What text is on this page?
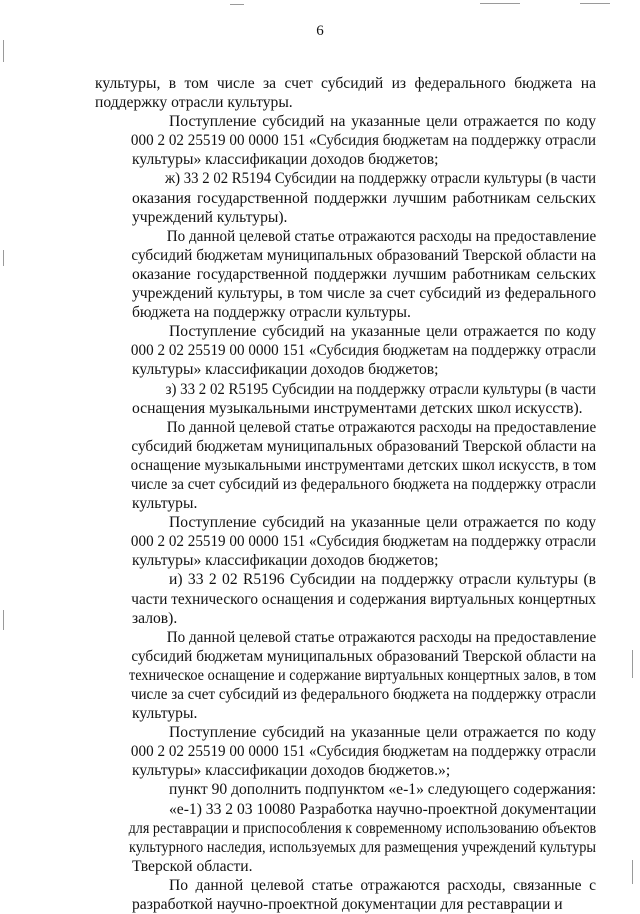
6
культуры, в том числе за счет субсидий из федерального бюджета на
поддержку отрасли культуры.
Поступление субсидий на указанные цели отражается по коду
000 2 02 25519 00 0000 151 «Субсидия бюджетам на поддержку отрасли
культуры» классификации доходов бюджетов;
ж) 33 2 02 R5194 Субсидии на поддержку отрасли культуры (в части
оказания государственной поддержки лучшим работникам сельских
учреждений культуры).
По данной целевой статье отражаются расходы на предоставление
субсидий бюджетам муниципальных образований Тверской области на
оказание государственной поддержки лучшим работникам сельских
учреждений культуры, в том числе за счет субсидий из федерального
бюджета на поддержку отрасли культуры.
Поступление субсидий на указанные цели отражается по коду
000 2 02 25519 00 0000 151 «Субсидия бюджетам на поддержку отрасли
культуры» классификации доходов бюджетов;
з) 33 2 02 R5195 Субсидии на поддержку отрасли культуры (в части
оснащения музыкальными инструментами детских школ искусств).
По данной целевой статье отражаются расходы на предоставление
субсидий бюджетам муниципальных образований Тверской области на
оснащение музыкальными инструментами детских школ искусств, в том
числе за счет субсидий из федерального бюджета на поддержку отрасли
культуры.
Поступление субсидий на указанные цели отражается по коду
000 2 02 25519 00 0000 151 «Субсидия бюджетам на поддержку отрасли
культуры» классификации доходов бюджетов;
и) 33 2 02 R5196 Субсидии на поддержку отрасли культуры (в
части технического оснащения и содержания виртуальных концертных
залов).
По данной целевой статье отражаются расходы на предоставление
субсидий бюджетам муниципальных образований Тверской области на
техническое оснащение и содержание виртуальных концертных залов, в том
числе за счет субсидий из федерального бюджета на поддержку отрасли
культуры.
Поступление субсидий на указанные цели отражается по коду
000 2 02 25519 00 0000 151 «Субсидия бюджетам на поддержку отрасли
культуры» классификации доходов бюджетов.»;
пункт 90 дополнить подпунктом «е-1» следующего содержания:
«е-1) 33 2 03 10080 Разработка научно-проектной документации
для реставрации и приспособления к современному использованию объектов
культурного наследия, используемых для размещения учреждений культуры
Тверской области.
По данной целевой статье отражаются расходы, связанные с
разработкой научно-проектной документации для реставрации и
